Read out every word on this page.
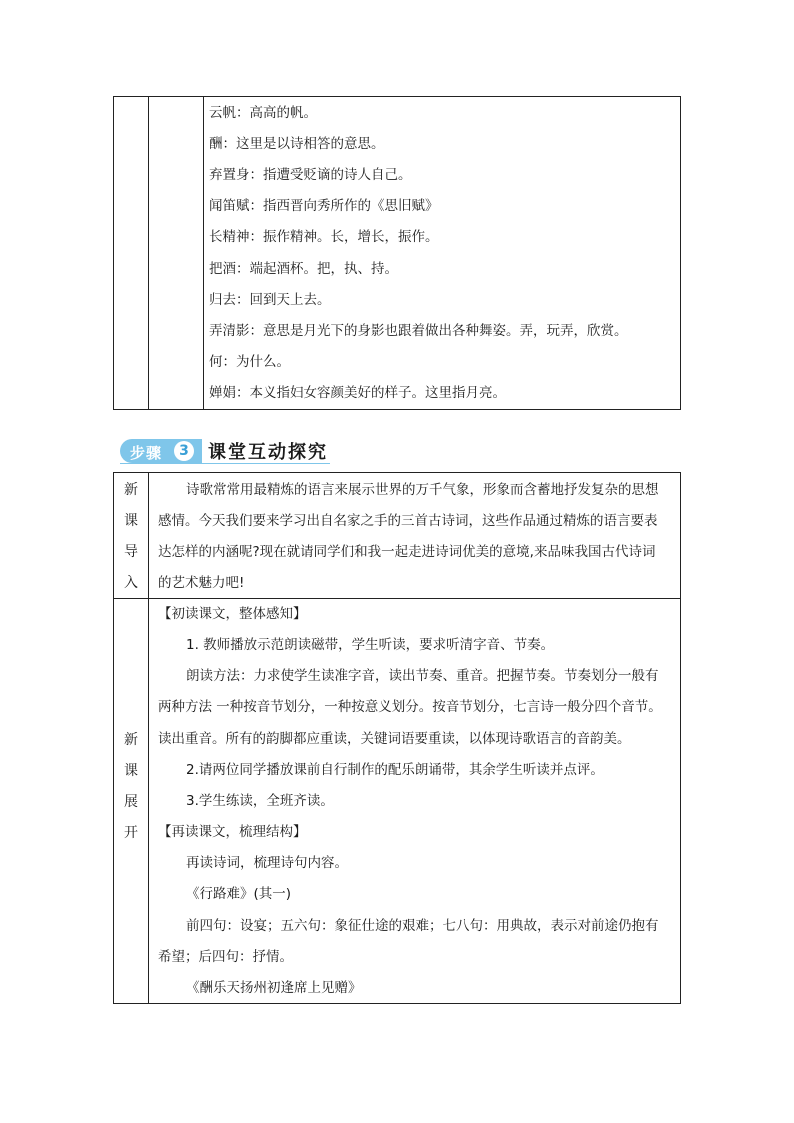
云帆：高高的帆。
酬：这里是以诗相答的意思。
弃置身：指遭受贬谪的诗人自己。
闻笛赋：指西晋向秀所作的《思旧赋》
长精神：振作精神。长，增长，振作。
把酒：端起酒杯。把，执、持。
归去：回到天上去。
弄清影：意思是月光下的身影也跟着做出各种舞姿。弄，玩弄，欣赏。
何：为什么。
婵娟：本义指妇女容颜美好的样子。这里指月亮。
步骤	3 课堂互动探究
新
课
导
入
诗歌常常用最精炼的语言来展示世界的万千气象，形象而含蓄地抒发复杂的思想
感情。今天我们要来学习出自名家之手的三首古诗词，这些作品通过精炼的语言要表
达怎样的内涵呢?现在就请同学们和我一起走进诗词优美的意境,来品味我国古代诗词
的艺术魅力吧!
新
课
展
开
【初读课文，整体感知】
1. 教师播放示范朗读磁带，学生听读，要求听清字音、节奏。
朗读方法：力求使学生读准字音，读出节奏、重音。把握节奏。节奏划分一般有
两种方法 一种按音节划分，一种按意义划分。按音节划分，七言诗一般分四个音节。
读出重音。所有的韵脚都应重读，关键词语要重读，以体现诗歌语言的音韵美。
2.请两位同学播放课前自行制作的配乐朗诵带，其余学生听读并点评。
3.学生练读，全班齐读。
【再读课文，梳理结构】
再读诗词，梳理诗句内容。
《行路难》(其一)
前四句：设宴；五六句：象征仕途的艰难；七八句：用典故，表示对前途仍抱有
希望；后四句：抒情。
《酬乐天扬州初逢席上见赠》
